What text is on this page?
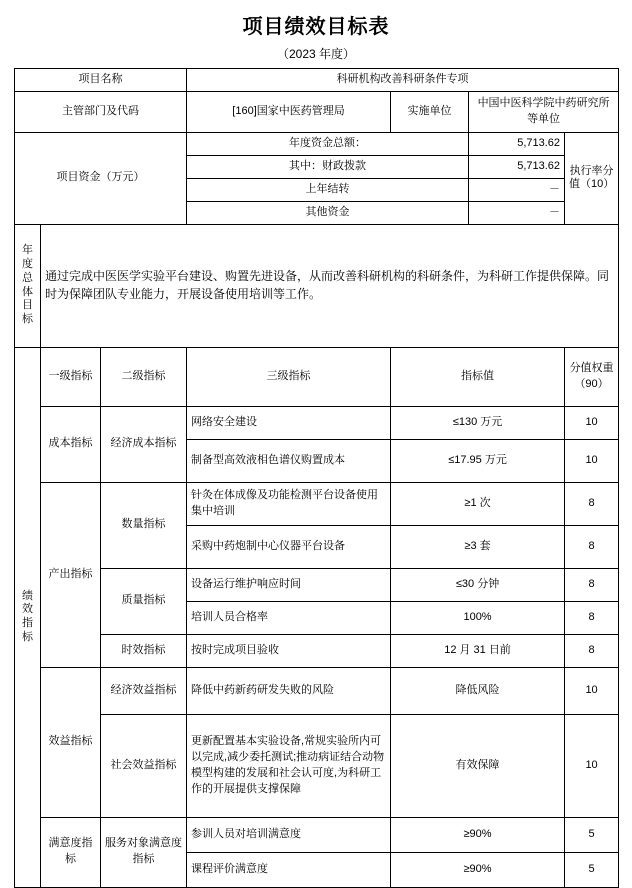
项目绩效目标表
（2023 年度）
项目名称			科研机构改善科研条件专项			
主管部门及代码			[160]国家中医药管理局	实施单位	中国中医科学院中药研究所等单位	

项目资金（万元）			年度资金总额：		5,713.62	执行率分值（10）

			其中：财政拨款		5,713.62	
			上年结转		－	
			其他资金		－	

年度总体目标	通过完成中医医学实验平台建设、购置先进设备，从而改善科研机构的科研条件，为科研工作提供保障。同时为保障团队专业能力，开展设备使用培训等工作。					

绩效指标	一级指标	二级指标	三级指标	指标值		分值权重（90）
	成本指标	经济成本指标	网络安全建设	≤130 万元		10
			制备型高效液相色谱仪购置成本	≤17.95 万元		10
	产出指标	数量指标	针灸在体成像及功能检测平台设备使用集中培训	≥1 次		8
			采购中药炮制中心仪器平台设备	≥3 套		8
		质量指标	设备运行维护响应时间	≤30 分钟		8
			培训人员合格率	100%		8
		时效指标	按时完成项目验收	12 月 31 日前		8
	效益指标	经济效益指标	降低中药新药研发失败的风险	降低风险		10
		社会效益指标	更新配置基本实验设备,常规实验所内可以完成,减少委托测试;推动病证结合动物模型构建的发展和社会认可度,为科研工作的开展提供支撑保障	有效保障		10
	满意度指标	服务对象满意度指标	参训人员对培训满意度	≥90%		5
			课程评价满意度	≥90%		5
